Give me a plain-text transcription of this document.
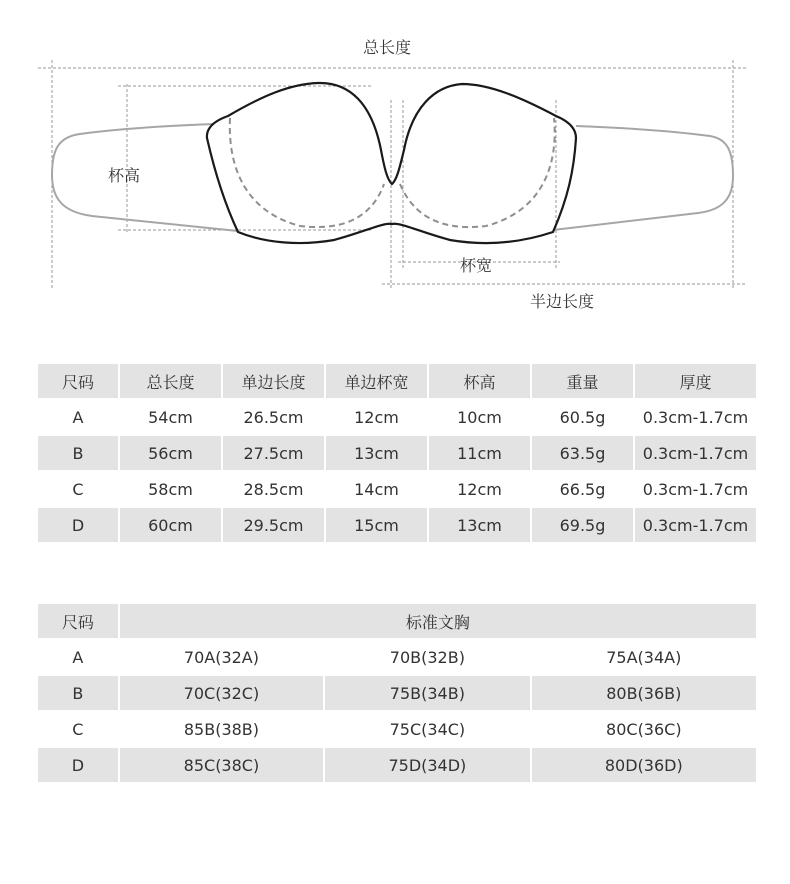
总长度
杯高
杯宽
半边长度
尺码	总长度	单边长度	单边杯宽	杯高	重量	厚度
A	54cm	26.5cm	12cm	10cm	60.5g	0.3cm-1.7cm
B	56cm	27.5cm	13cm	11cm	63.5g	0.3cm-1.7cm
C	58cm	28.5cm	14cm	12cm	66.5g	0.3cm-1.7cm
D	60cm	29.5cm	15cm	13cm	69.5g	0.3cm-1.7cm
尺码	标准文胸		
A	70A(32A)	70B(32B)	75A(34A)
B	70C(32C)	75B(34B)	80B(36B)
C	85B(38B)	75C(34C)	80C(36C)
D	85C(38C)	75D(34D)	80D(36D)
